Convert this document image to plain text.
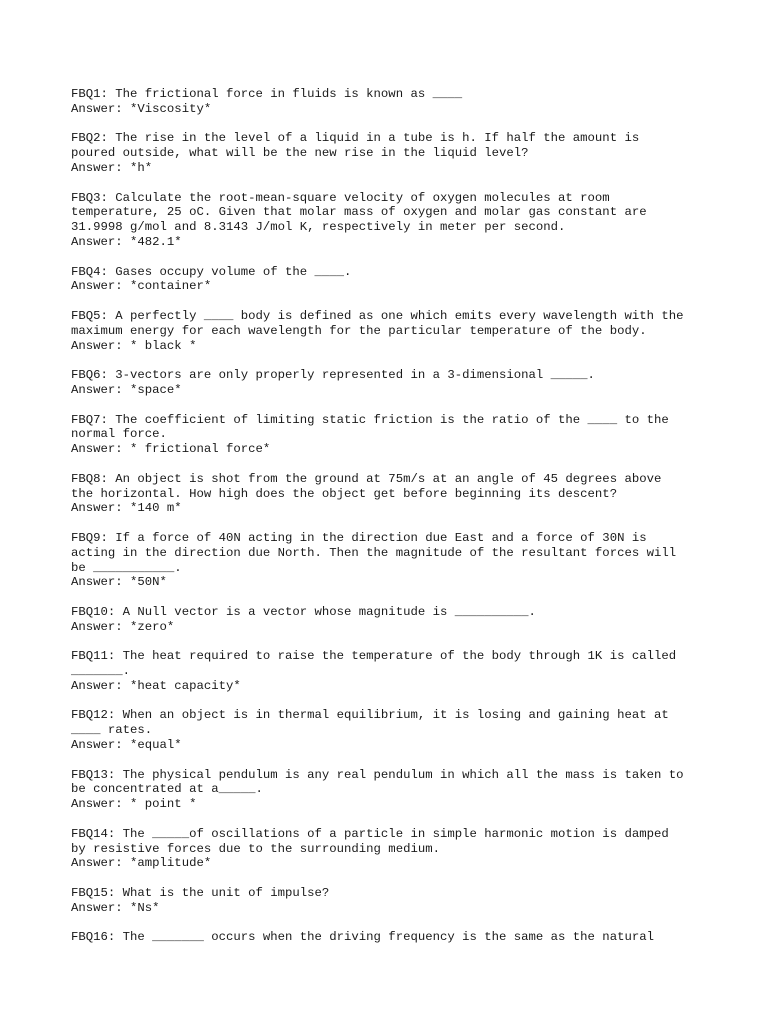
FBQ1: The frictional force in fluids is known as ____
Answer: *Viscosity*
FBQ2: The rise in the level of a liquid in a tube is h. If half the amount is
poured outside, what will be the new rise in the liquid level?
Answer: *h*
FBQ3: Calculate the root-mean-square velocity of oxygen molecules at room
temperature, 25 oC. Given that molar mass of oxygen and molar gas constant are
31.9998 g/mol and 8.3143 J/mol K, respectively in meter per second.
Answer: *482.1*
FBQ4: Gases occupy volume of the ____.
Answer: *container*
FBQ5: A perfectly ____ body is defined as one which emits every wavelength with the
maximum energy for each wavelength for the particular temperature of the body.
Answer: * black *
FBQ6: 3-vectors are only properly represented in a 3-dimensional _____.
Answer: *space*
FBQ7: The coefficient of limiting static friction is the ratio of the ____ to the
normal force.
Answer: * frictional force*
FBQ8: An object is shot from the ground at 75m/s at an angle of 45 degrees above
the horizontal. How high does the object get before beginning its descent?
Answer: *140 m*
FBQ9: If a force of 40N acting in the direction due East and a force of 30N is
acting in the direction due North. Then the magnitude of the resultant forces will
be ___________.
Answer: *50N*
FBQ10: A Null vector is a vector whose magnitude is __________.
Answer: *zero*
FBQ11: The heat required to raise the temperature of the body through 1K is called
_______.
Answer: *heat capacity*
FBQ12: When an object is in thermal equilibrium, it is losing and gaining heat at
____ rates.
Answer: *equal*
FBQ13: The physical pendulum is any real pendulum in which all the mass is taken to
be concentrated at a_____.
Answer: * point *
FBQ14: The _____of oscillations of a particle in simple harmonic motion is damped
by resistive forces due to the surrounding medium.
Answer: *amplitude*
FBQ15: What is the unit of impulse?
Answer: *Ns*
FBQ16: The _______ occurs when the driving frequency is the same as the natural
